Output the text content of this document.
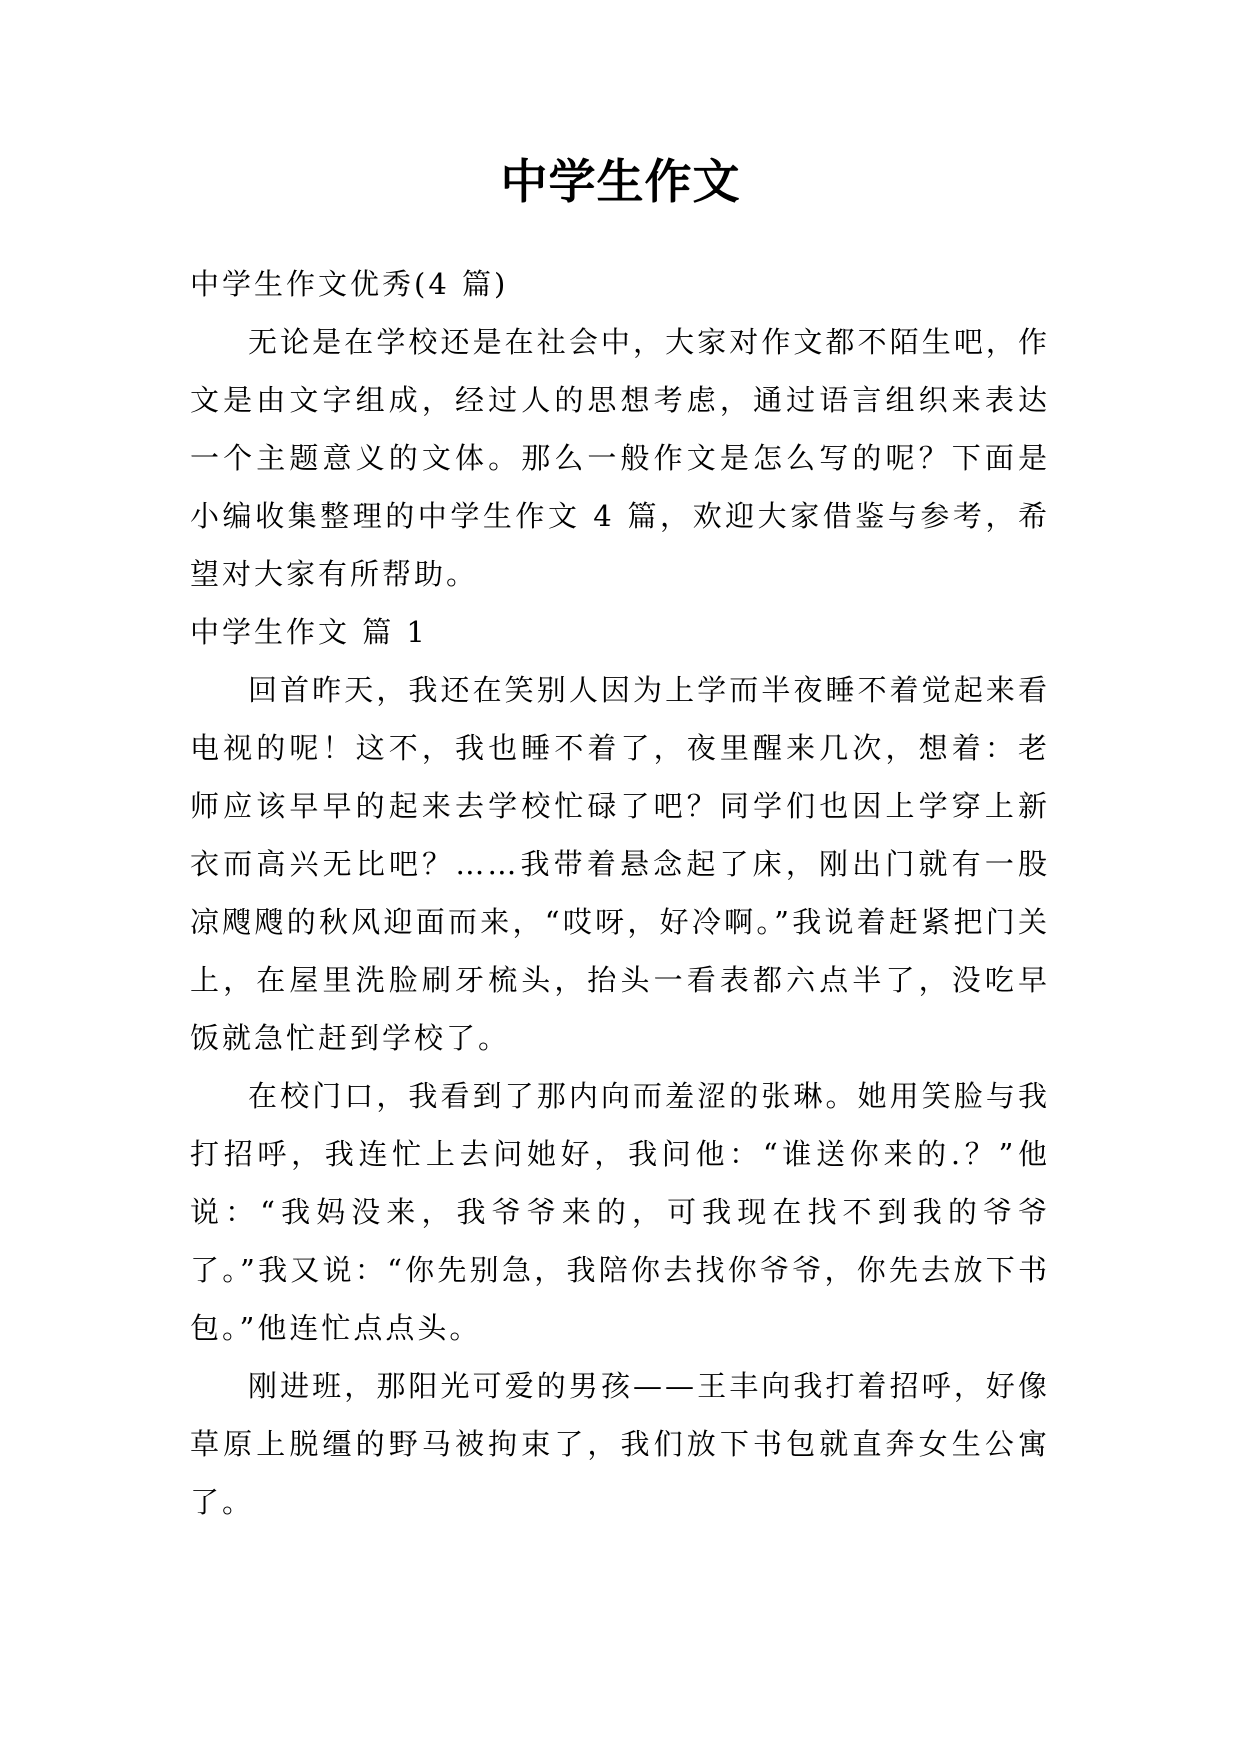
中学生作文

中学生作文优秀(4 篇)

无论是在学校还是在社会中，大家对作文都不陌生吧，作文是由文字组成，经过人的思想考虑，通过语言组织来表达一个主题意义的文体。那么一般作文是怎么写的呢？下面是小编收集整理的中学生作文 4 篇，欢迎大家借鉴与参考，希望对大家有所帮助。

中学生作文 篇 1

回首昨天，我还在笑别人因为上学而半夜睡不着觉起来看电视的呢！这不，我也睡不着了，夜里醒来几次，想着：老师应该早早的起来去学校忙碌了吧？同学们也因上学穿上新衣而高兴无比吧？……我带着悬念起了床，刚出门就有一股凉飕飕的秋风迎面而来，“哎呀，好冷啊。”我说着赶紧把门关上，在屋里洗脸刷牙梳头，抬头一看表都六点半了，没吃早饭就急忙赶到学校了。

在校门口，我看到了那内向而羞涩的张琳。她用笑脸与我打招呼，我连忙上去问她好，我问他：“谁送你来的.？”他说：“我妈没来，我爷爷来的，可我现在找不到我的爷爷了。”我又说：“你先别急，我陪你去找你爷爷，你先去放下书包。”他连忙点点头。

刚进班，那阳光可爱的男孩——王丰向我打着招呼，好像草原上脱缰的野马被拘束了，我们放下书包就直奔女生公寓了。
